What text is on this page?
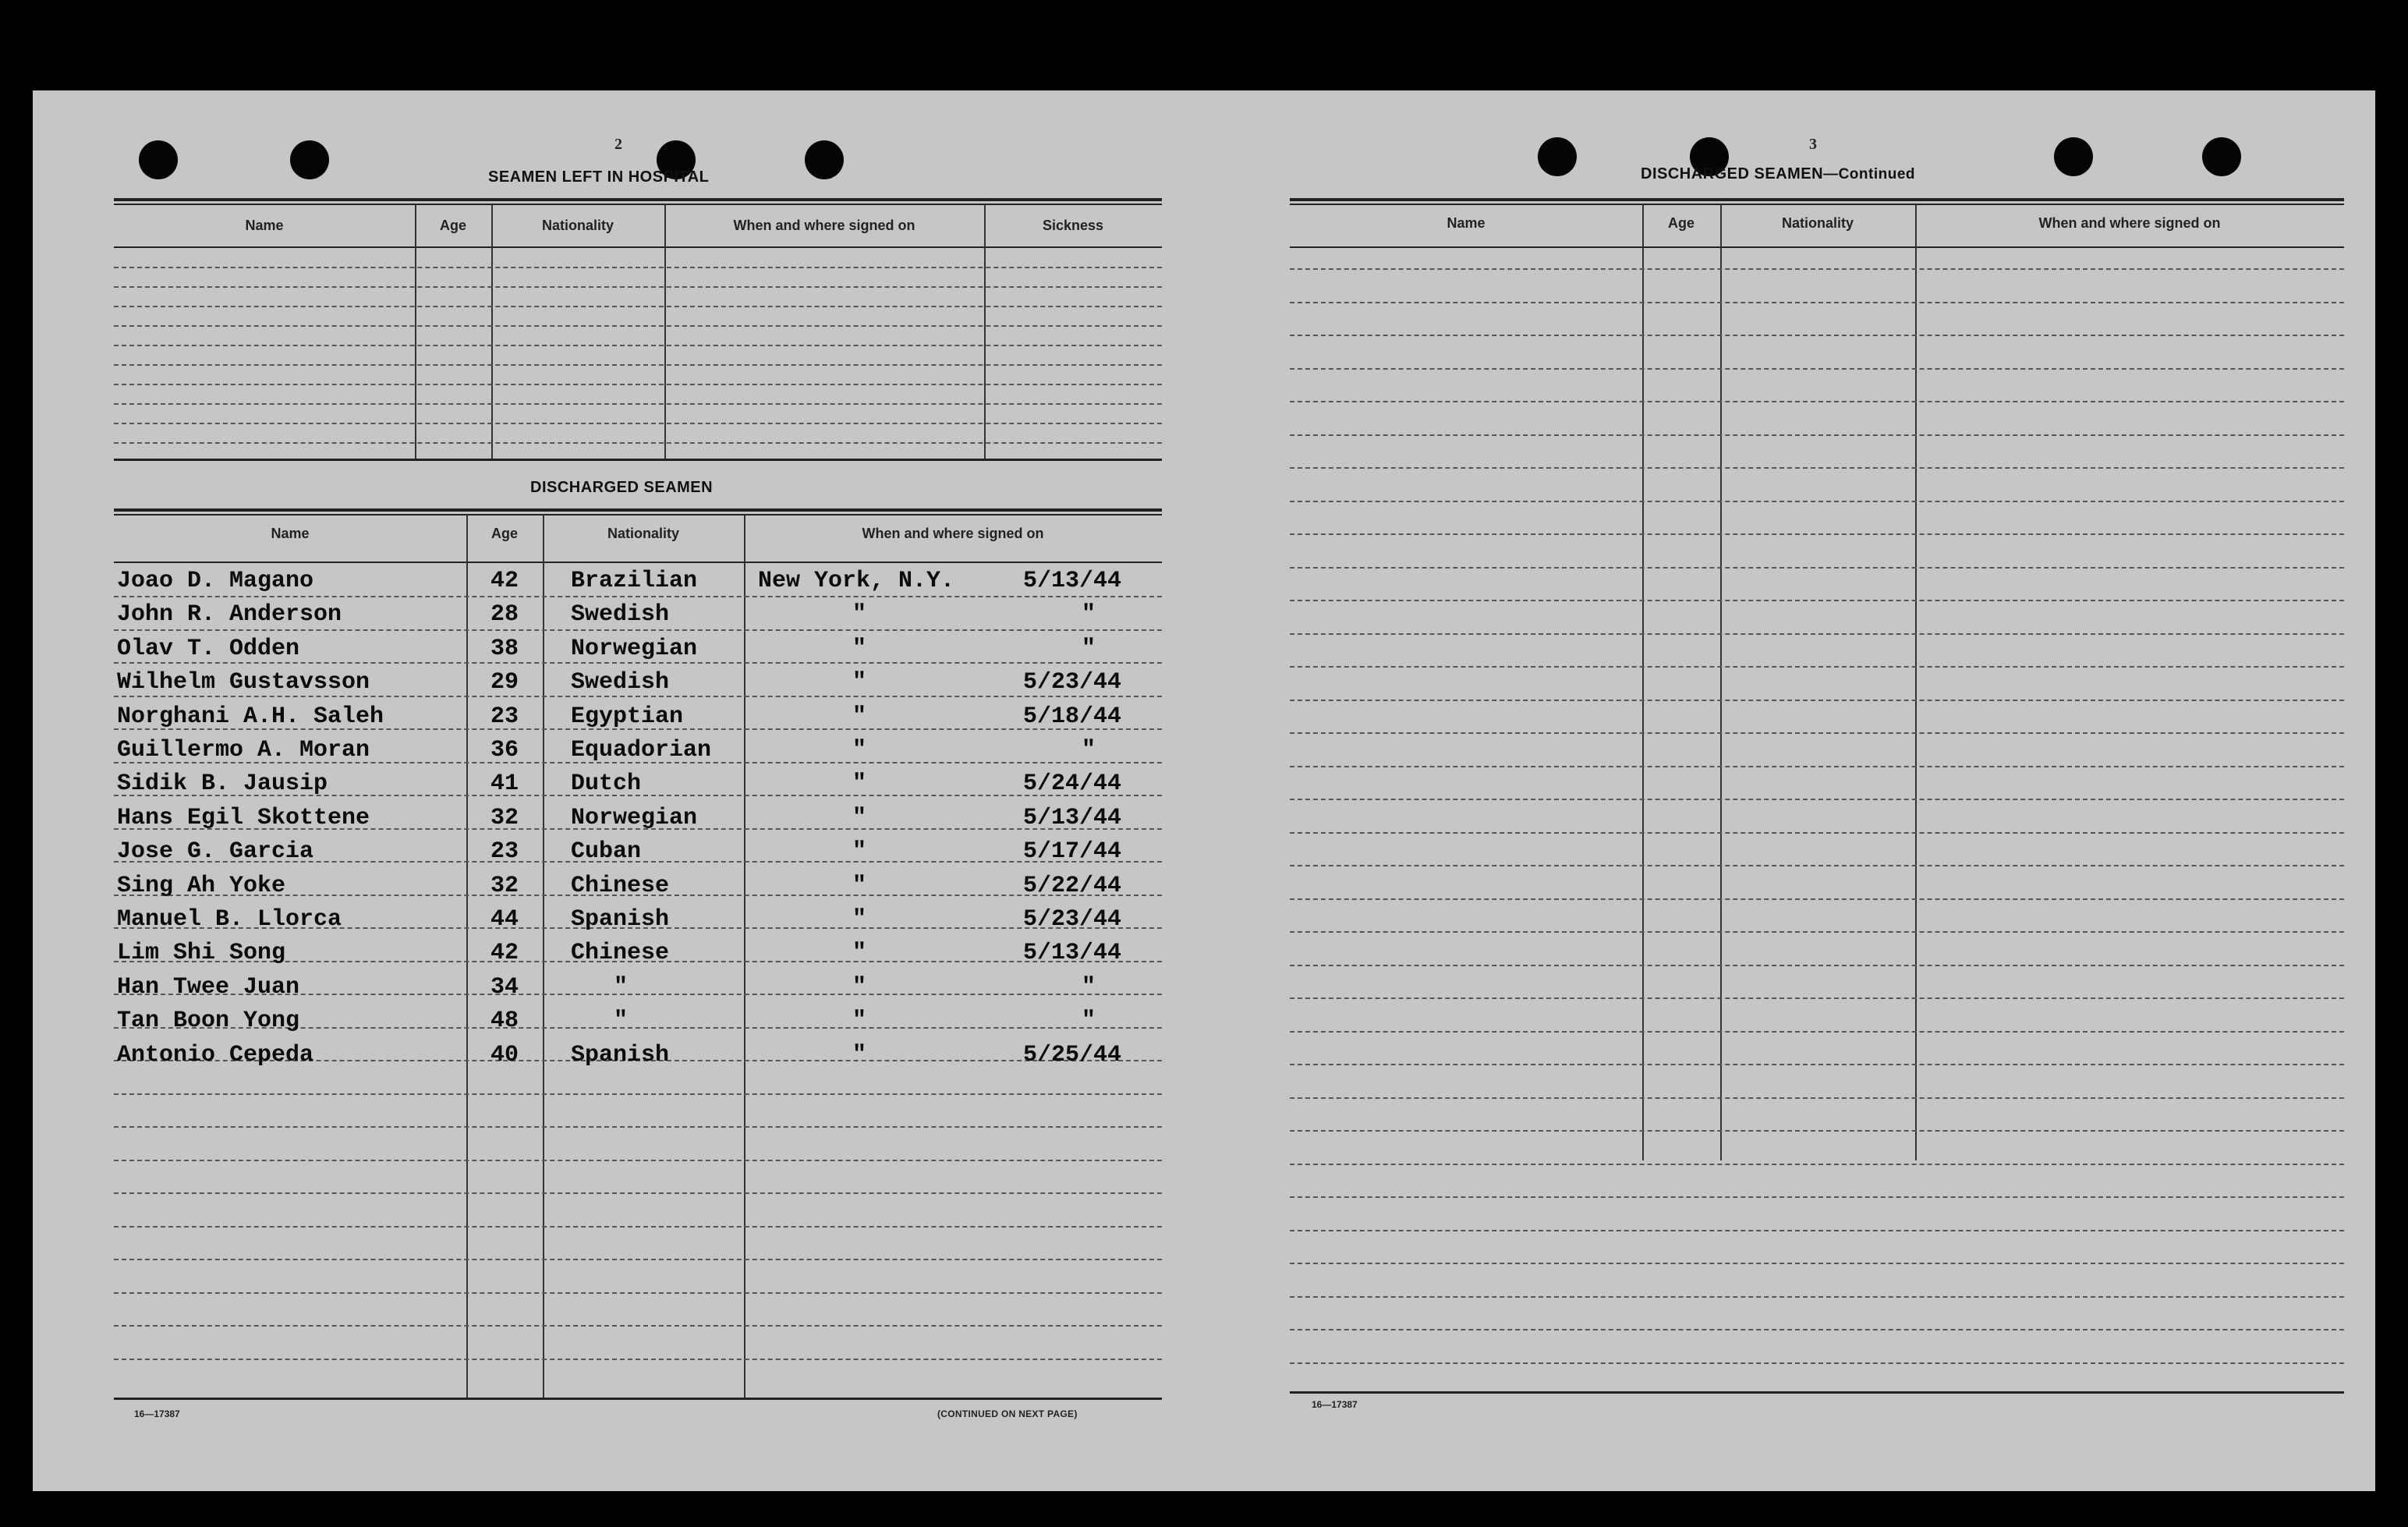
2
SEAMEN LEFT IN HOSPITAL
Name	Age	Nationality	When and where signed on	Sickness
DISCHARGED SEAMEN
Name	Age	Nationality	When and where signed on
Joao D. Magano	42	Brazilian	New York, N.Y.	5/13/44
John R. Anderson	28	Swedish	"	"
Olav T. Odden	38	Norwegian	"	"
Wilhelm Gustavsson	29	Swedish	"	5/23/44
Norghani A.H. Saleh	23	Egyptian	"	5/18/44
Guillermo A. Moran	36	Equadorian	"	"
Sidik B. Jausip	41	Dutch	"	5/24/44
Hans Egil Skottene	32	Norwegian	"	5/13/44
Jose G. Garcia	23	Cuban	"	5/17/44
Sing Ah Yoke	32	Chinese	"	5/22/44
Manuel B. Llorca	44	Spanish	"	5/23/44
Lim Shi Song	42	Chinese	"	5/13/44
Han Twee Juan	34	"	"	"
Tan Boon Yong	48	"	"	"
Antonio Cepeda	40	Spanish	"	5/25/44
16—17387	(CONTINUED ON NEXT PAGE)
3
DISCHARGED SEAMEN—Continued
Name	Age	Nationality	When and where signed on
16—17387
